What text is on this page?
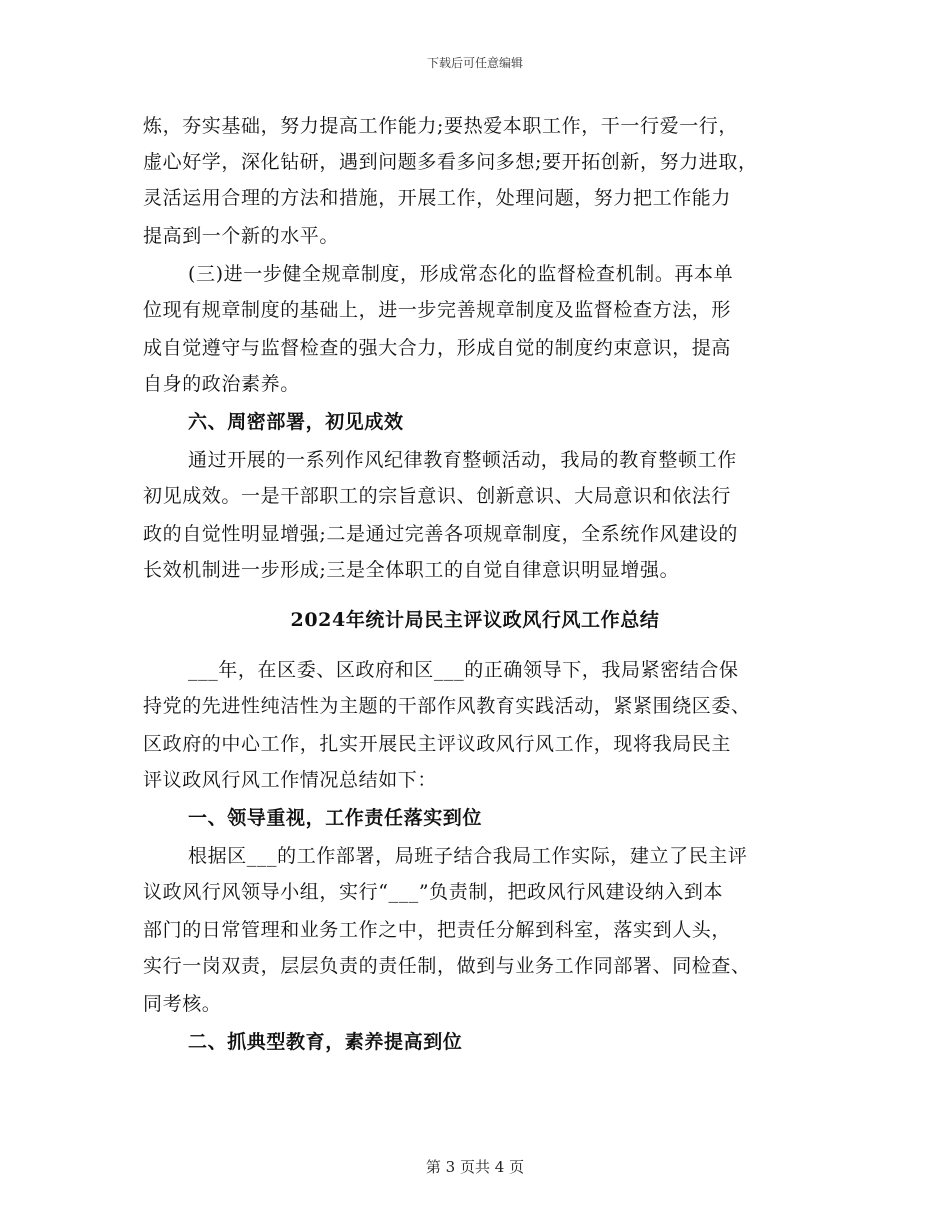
下载后可任意编辑
炼，夯实基础，努力提高工作能力;要热爱本职工作，干一行爱一行，
虚心好学，深化钻研，遇到问题多看多问多想;要开拓创新，努力进取，
灵活运用合理的方法和措施，开展工作，处理问题，努力把工作能力
提高到一个新的水平。
(三)进一步健全规章制度，形成常态化的监督检查机制。再本单
位现有规章制度的基础上，进一步完善规章制度及监督检查方法，形
成自觉遵守与监督检查的强大合力，形成自觉的制度约束意识，提高
自身的政治素养。
六、周密部署，初见成效
通过开展的一系列作风纪律教育整顿活动，我局的教育整顿工作
初见成效。一是干部职工的宗旨意识、创新意识、大局意识和依法行
政的自觉性明显增强;二是通过完善各项规章制度，全系统作风建设的
长效机制进一步形成;三是全体职工的自觉自律意识明显增强。
2024年统计局民主评议政风行风工作总结
___年，在区委、区政府和区___的正确领导下，我局紧密结合保
持党的先进性纯洁性为主题的干部作风教育实践活动，紧紧围绕区委、
区政府的中心工作，扎实开展民主评议政风行风工作，现将我局民主
评议政风行风工作情况总结如下：
一、领导重视，工作责任落实到位
根据区___的工作部署，局班子结合我局工作实际，建立了民主评
议政风行风领导小组，实行“___”负责制，把政风行风建设纳入到本
部门的日常管理和业务工作之中，把责任分解到科室，落实到人头，
实行一岗双责，层层负责的责任制，做到与业务工作同部署、同检查、
同考核。
二、抓典型教育，素养提高到位
第 3 页共 4 页
